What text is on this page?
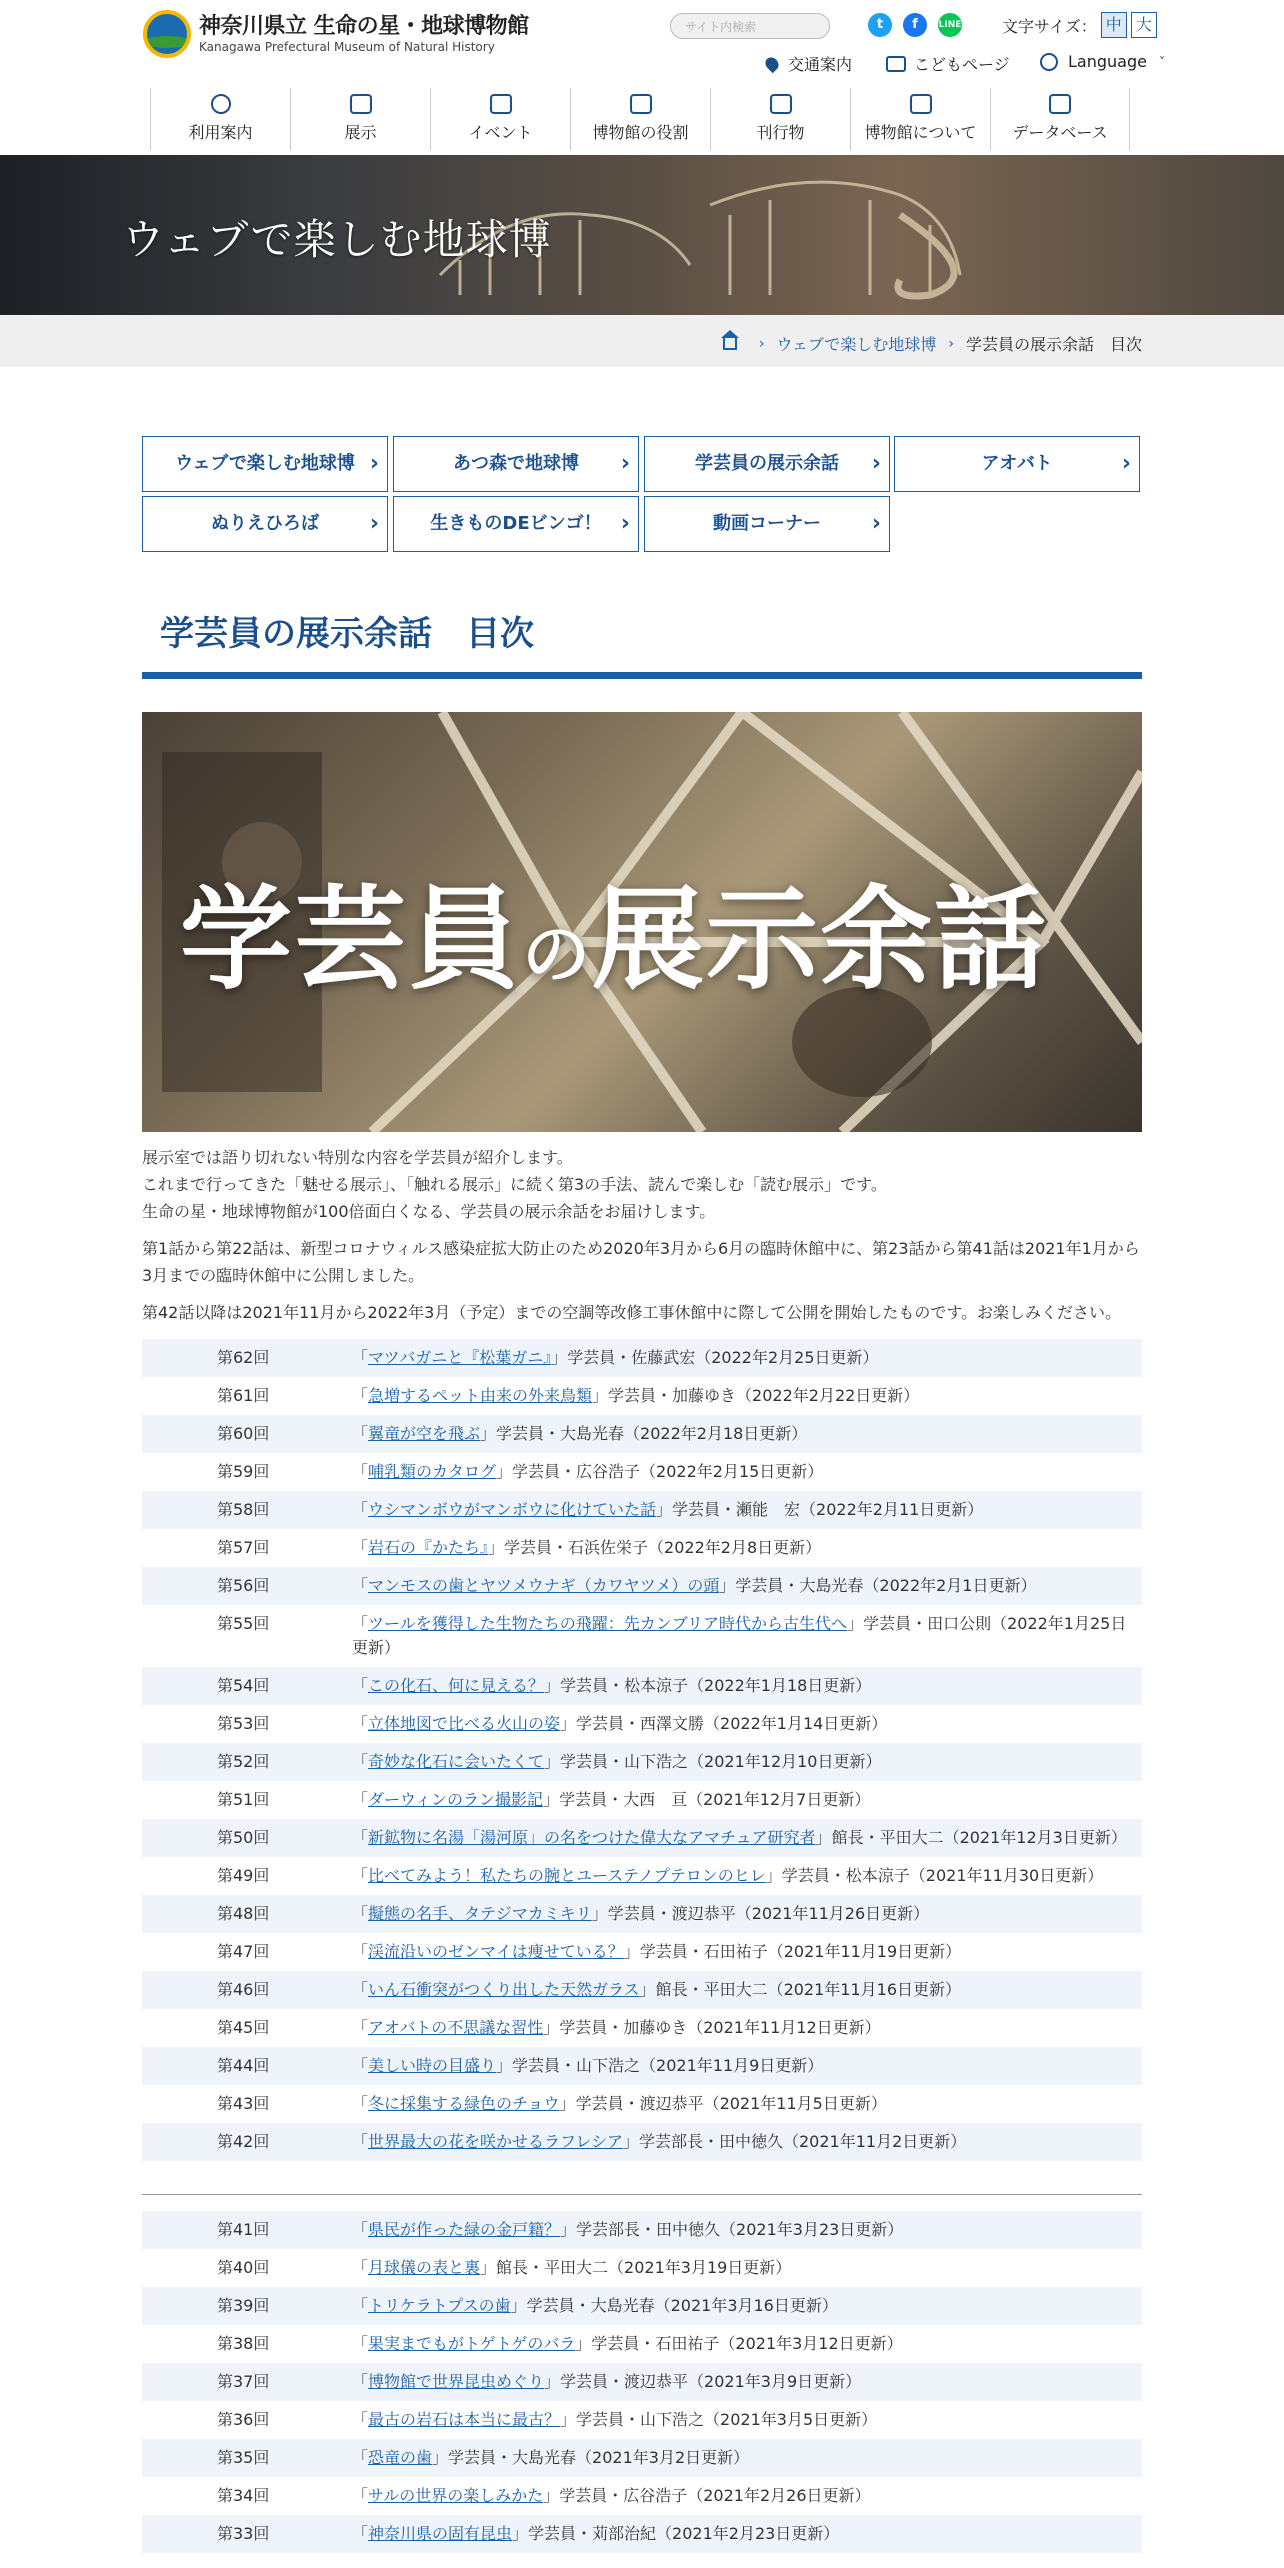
神奈川県立 生命の星・地球博物館
Kanagawa Prefectural Museum of Natural History
サイト内検索	t	f	LINE	文字サイズ： 中 大
交通案内	こどもページ	Language ˅
利用案内	展示	イベント	博物館の役割	刊行物	博物館について	データベース
ウェブで楽しむ地球博
› ウェブで楽しむ地球博 › 学芸員の展示余話　目次
ウェブで楽しむ地球博 ›	あつ森で地球博 ›	学芸員の展示余話 ›	アオバト ›
ぬりえひろば ›	生きものDEビンゴ！ ›	動画コーナー ›
学芸員の展示余話　目次
学芸員の展示余話

展示室では語り切れない特別な内容を学芸員が紹介します。

これまで行ってきた「魅せる展示」、「触れる展示」に続く第3の手法、読んで楽しむ「読む展示」です。

生命の星・地球博物館が100倍面白くなる、学芸員の展示余話をお届けします。

第1話から第22話は、新型コロナウィルス感染症拡大防止のため2020年3月から6月の臨時休館中に、第23話から第41話は2021年1月から3月までの臨時休館中に公開しました。

第42話以降は2021年11月から2022年3月（予定）までの空調等改修工事休館中に際して公開を開始したものです。お楽しみください。

第62回	「マツバガニと『松葉ガニ』」学芸員・佐藤武宏（2022年2月25日更新）
第61回	「急増するペット由来の外来鳥類」学芸員・加藤ゆき（2022年2月22日更新）
第60回	「翼竜が空を飛ぶ」学芸員・大島光春（2022年2月18日更新）
第59回	「哺乳類のカタログ」学芸員・広谷浩子（2022年2月15日更新）
第58回	「ウシマンボウがマンボウに化けていた話」学芸員・瀬能　宏（2022年2月11日更新）
第57回	「岩石の『かたち』」学芸員・石浜佐栄子（2022年2月8日更新）
第56回	「マンモスの歯とヤツメウナギ（カワヤツメ）の頭」学芸員・大島光春（2022年2月1日更新）
第55回	「ツールを獲得した生物たちの飛躍：先カンブリア時代から古生代へ」学芸員・田口公則（2022年1月25日更新）
第54回	「この化石、何に見える？」学芸員・松本涼子（2022年1月18日更新）
第53回	「立体地図で比べる火山の姿」学芸員・西澤文勝（2022年1月14日更新）
第52回	「奇妙な化石に会いたくて」学芸員・山下浩之（2021年12月10日更新）
第51回	「ダーウィンのラン撮影記」学芸員・大西　亘（2021年12月7日更新）
第50回	「新鉱物に名湯「湯河原」の名をつけた偉大なアマチュア研究者」館長・平田大二（2021年12月3日更新）
第49回	「比べてみよう！私たちの腕とユーステノプテロンのヒレ」学芸員・松本涼子（2021年11月30日更新）
第48回	「擬態の名手、タテジマカミキリ」学芸員・渡辺恭平（2021年11月26日更新）
第47回	「渓流沿いのゼンマイは痩せている？」学芸員・石田祐子（2021年11月19日更新）
第46回	「いん石衝突がつくり出した天然ガラス」館長・平田大二（2021年11月16日更新）
第45回	「アオバトの不思議な習性」学芸員・加藤ゆき（2021年11月12日更新）
第44回	「美しい時の目盛り」学芸員・山下浩之（2021年11月9日更新）
第43回	「冬に採集する緑色のチョウ」学芸員・渡辺恭平（2021年11月5日更新）
第42回	「世界最大の花を咲かせるラフレシア」学芸部長・田中徳久（2021年11月2日更新）
第41回	「県民が作った緑の金戸籍？」学芸部長・田中徳久（2021年3月23日更新）
第40回	「月球儀の表と裏」館長・平田大二（2021年3月19日更新）
第39回	「トリケラトプスの歯」学芸員・大島光春（2021年3月16日更新）
第38回	「果実までもがトゲトゲのバラ」学芸員・石田祐子（2021年3月12日更新）
第37回	「博物館で世界昆虫めぐり」学芸員・渡辺恭平（2021年3月9日更新）
第36回	「最古の岩石は本当に最古？」学芸員・山下浩之（2021年3月5日更新）
第35回	「恐竜の歯」学芸員・大島光春（2021年3月2日更新）
第34回	「サルの世界の楽しみかた」学芸員・広谷浩子（2021年2月26日更新）
第33回	「神奈川県の固有昆虫」学芸員・苅部治紀（2021年2月23日更新）
